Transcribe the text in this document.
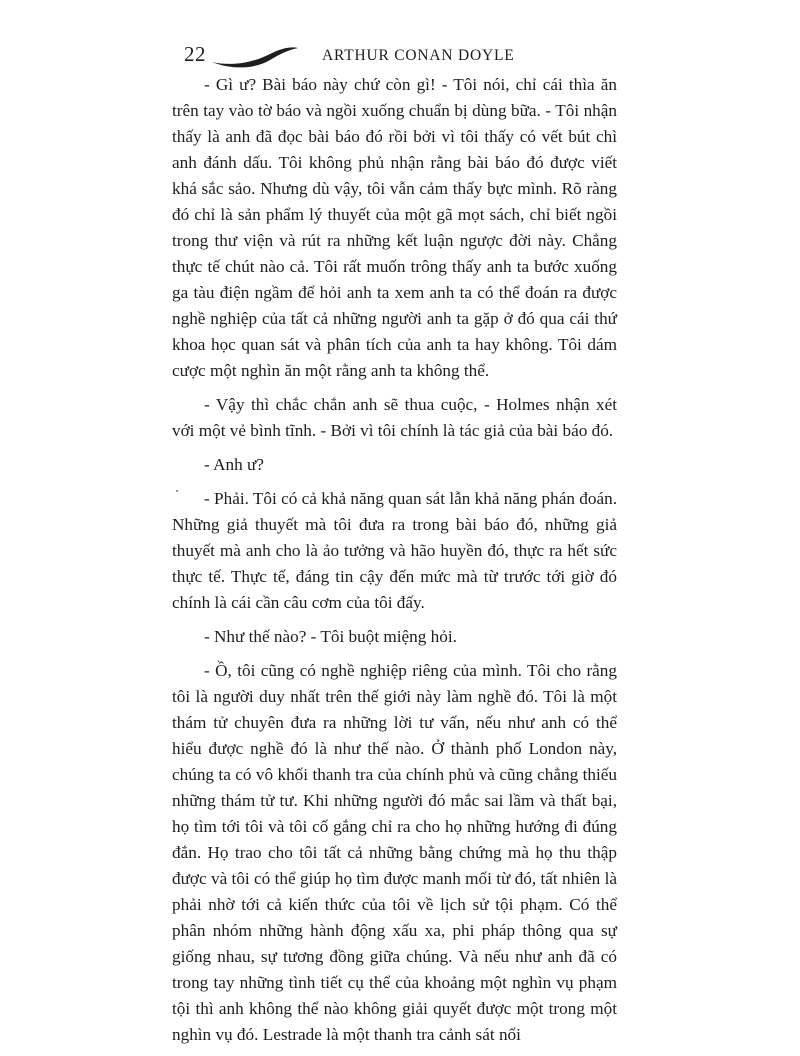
22	ARTHUR CONAN DOYLE

- Gì ư? Bài báo này chứ còn gì! - Tôi nói, chỉ cái thìa ăn trên tay vào tờ báo và ngồi xuống chuẩn bị dùng bữa. - Tôi nhận thấy là anh đã đọc bài báo đó rồi bởi vì tôi thấy có vết bút chì anh đánh dấu. Tôi không phủ nhận rằng bài báo đó được viết khá sắc sảo. Nhưng dù vậy, tôi vẫn cảm thấy bực mình. Rõ ràng đó chỉ là sản phẩm lý thuyết của một gã mọt sách, chỉ biết ngồi trong thư viện và rút ra những kết luận ngược đời này. Chẳng thực tế chút nào cả. Tôi rất muốn trông thấy anh ta bước xuống ga tàu điện ngầm để hỏi anh ta xem anh ta có thể đoán ra được nghề nghiệp của tất cả những người anh ta gặp ở đó qua cái thứ khoa học quan sát và phân tích của anh ta hay không. Tôi dám cược một nghìn ăn một rằng anh ta không thể.

- Vậy thì chắc chắn anh sẽ thua cuộc, - Holmes nhận xét với một vẻ bình tĩnh. - Bởi vì tôi chính là tác giả của bài báo đó.

- Anh ư?

- Phải. Tôi có cả khả năng quan sát lẫn khả năng phán đoán. Những giả thuyết mà tôi đưa ra trong bài báo đó, những giả thuyết mà anh cho là ảo tưởng và hão huyền đó, thực ra hết sức thực tế. Thực tế, đáng tin cậy đến mức mà từ trước tới giờ đó chính là cái cần câu cơm của tôi đấy.

- Như thế nào? - Tôi buột miệng hỏi.

- Ồ, tôi cũng có nghề nghiệp riêng của mình. Tôi cho rằng tôi là người duy nhất trên thế giới này làm nghề đó. Tôi là một thám tử chuyên đưa ra những lời tư vấn, nếu như anh có thể hiểu được nghề đó là như thế nào. Ở thành phố London này, chúng ta có vô khối thanh tra của chính phủ và cũng chẳng thiếu những thám tử tư. Khi những người đó mắc sai lầm và thất bại, họ tìm tới tôi và tôi cố gắng chỉ ra cho họ những hướng đi đúng đắn. Họ trao cho tôi tất cả những bằng chứng mà họ thu thập được và tôi có thể giúp họ tìm được manh mối từ đó, tất nhiên là phải nhờ tới cả kiến thức của tôi về lịch sử tội phạm. Có thể phân nhóm những hành động xấu xa, phi pháp thông qua sự giống nhau, sự tương đồng giữa chúng. Và nếu như anh đã có trong tay những tình tiết cụ thể của khoảng một nghìn vụ phạm tội thì anh không thể nào không giải quyết được một trong một nghìn vụ đó. Lestrade là một thanh tra cảnh sát nổi
